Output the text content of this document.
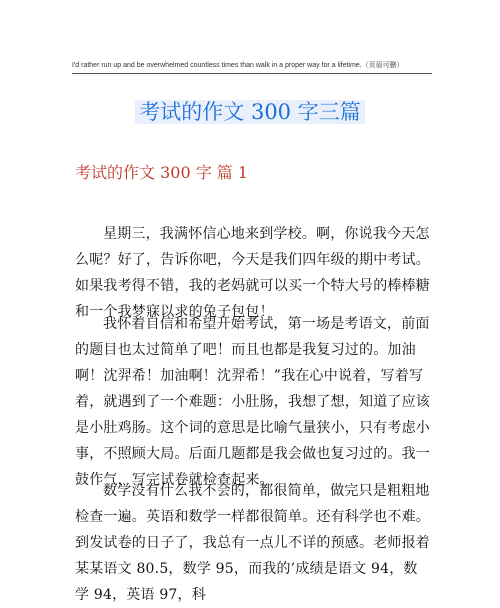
I'd rather run up and be overwhelmed countless times than walk in a proper way for a lifetime.（页眉可删）
考试的作文 300 字三篇
考试的作文 300 字 篇 1
星期三，我满怀信心地来到学校。啊，你说我今天怎么呢？好了，告诉你吧，今天是我们四年级的期中考试。如果我考得不错，我的老妈就可以买一个特大号的棒棒糖和一个我梦寐以求的兔子包包！
我怀着自信和希望开始考试，第一场是考语文，前面的题目也太过简单了吧！而且也都是我复习过的。加油啊！沈羿希！加油啊！沈羿希！”我在心中说着，写着写着，就遇到了一个难题：小肚肠，我想了想，知道了应该是小肚鸡肠。这个词的意思是比喻气量狭小，只有考虑小事，不照顾大局。后面几题都是我会做也复习过的。我一鼓作气，写完试卷就检查起来。
数学没有什么我不会的，都很简单，做完只是粗粗地检查一遍。英语和数学一样都很简单。还有科学也不难。到发试卷的日子了，我总有一点儿不详的预感。老师报着某某语文 80.5，数学 95，而我的’成绩是语文 94，数学 94，英语 97，科
